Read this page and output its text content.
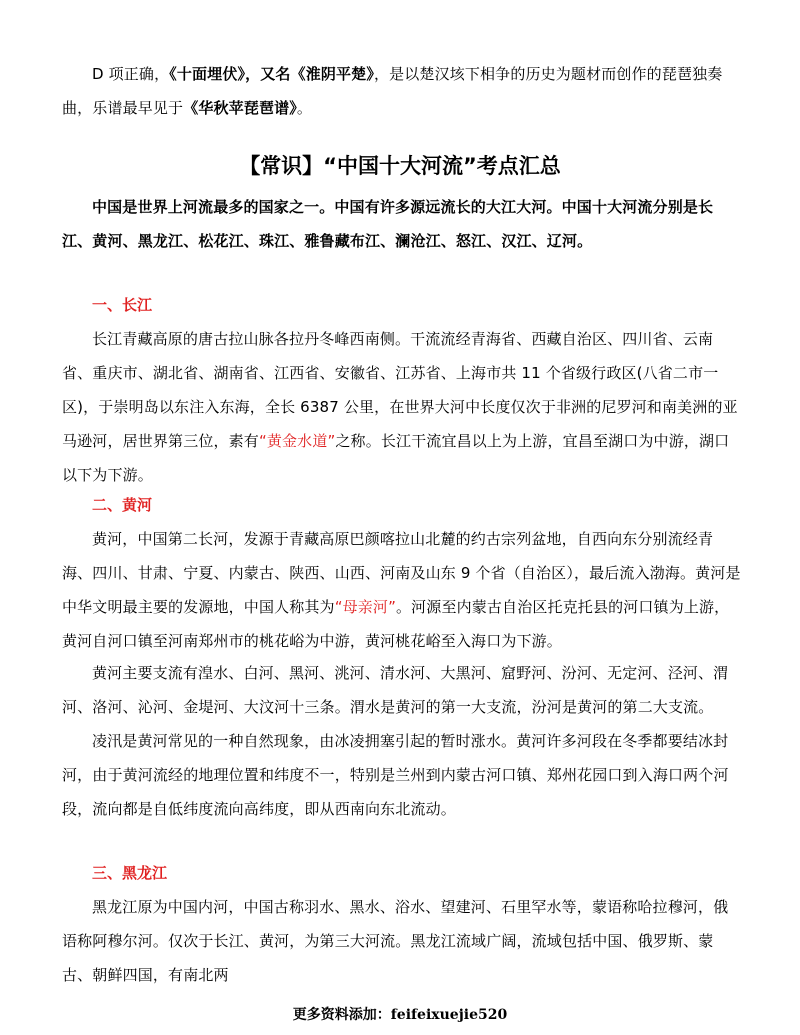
D 项正确，《十面埋伏》，又名《淮阴平楚》，是以楚汉垓下相争的历史为题材而创作的琵琶独奏曲，乐谱最早见于《华秋苹琵琶谱》。

【常识】“中国十大河流”考点汇总

中国是世界上河流最多的国家之一。中国有许多源远流长的大江大河。中国十大河流分别是长江、黄河、黑龙江、松花江、珠江、雅鲁藏布江、澜沧江、怒江、汉江、辽河。

一、长江

长江青藏高原的唐古拉山脉各拉丹冬峰西南侧。干流流经青海省、西藏自治区、四川省、云南省、重庆市、湖北省、湖南省、江西省、安徽省、江苏省、上海市共 11 个省级行政区(八省二市一区)，于崇明岛以东注入东海，全长 6387 公里，在世界大河中长度仅次于非洲的尼罗河和南美洲的亚马逊河，居世界第三位，素有“黄金水道”之称。长江干流宜昌以上为上游，宜昌至湖口为中游，湖口以下为下游。

二、黄河

黄河，中国第二长河，发源于青藏高原巴颜喀拉山北麓的约古宗列盆地，自西向东分别流经青海、四川、甘肃、宁夏、内蒙古、陕西、山西、河南及山东 9 个省（自治区），最后流入渤海。黄河是中华文明最主要的发源地，中国人称其为“母亲河”。河源至内蒙古自治区托克托县的河口镇为上游，黄河自河口镇至河南郑州市的桃花峪为中游，黄河桃花峪至入海口为下游。

黄河主要支流有湟水、白河、黑河、洮河、清水河、大黑河、窟野河、汾河、无定河、泾河、渭河、洛河、沁河、金堤河、大汶河十三条。渭水是黄河的第一大支流，汾河是黄河的第二大支流。

凌汛是黄河常见的一种自然现象，由冰凌拥塞引起的暂时涨水。黄河许多河段在冬季都要结冰封河，由于黄河流经的地理位置和纬度不一，特别是兰州到内蒙古河口镇、郑州花园口到入海口两个河段，流向都是自低纬度流向高纬度，即从西南向东北流动。

三、黑龙江

黑龙江原为中国内河，中国古称羽水、黑水、浴水、望建河、石里罕水等，蒙语称哈拉穆河，俄语称阿穆尔河。仅次于长江、黄河，为第三大河流。黑龙江流域广阔，流域包括中国、俄罗斯、蒙古、朝鲜四国，有南北两

更多资料添加：feifeixuejie520
